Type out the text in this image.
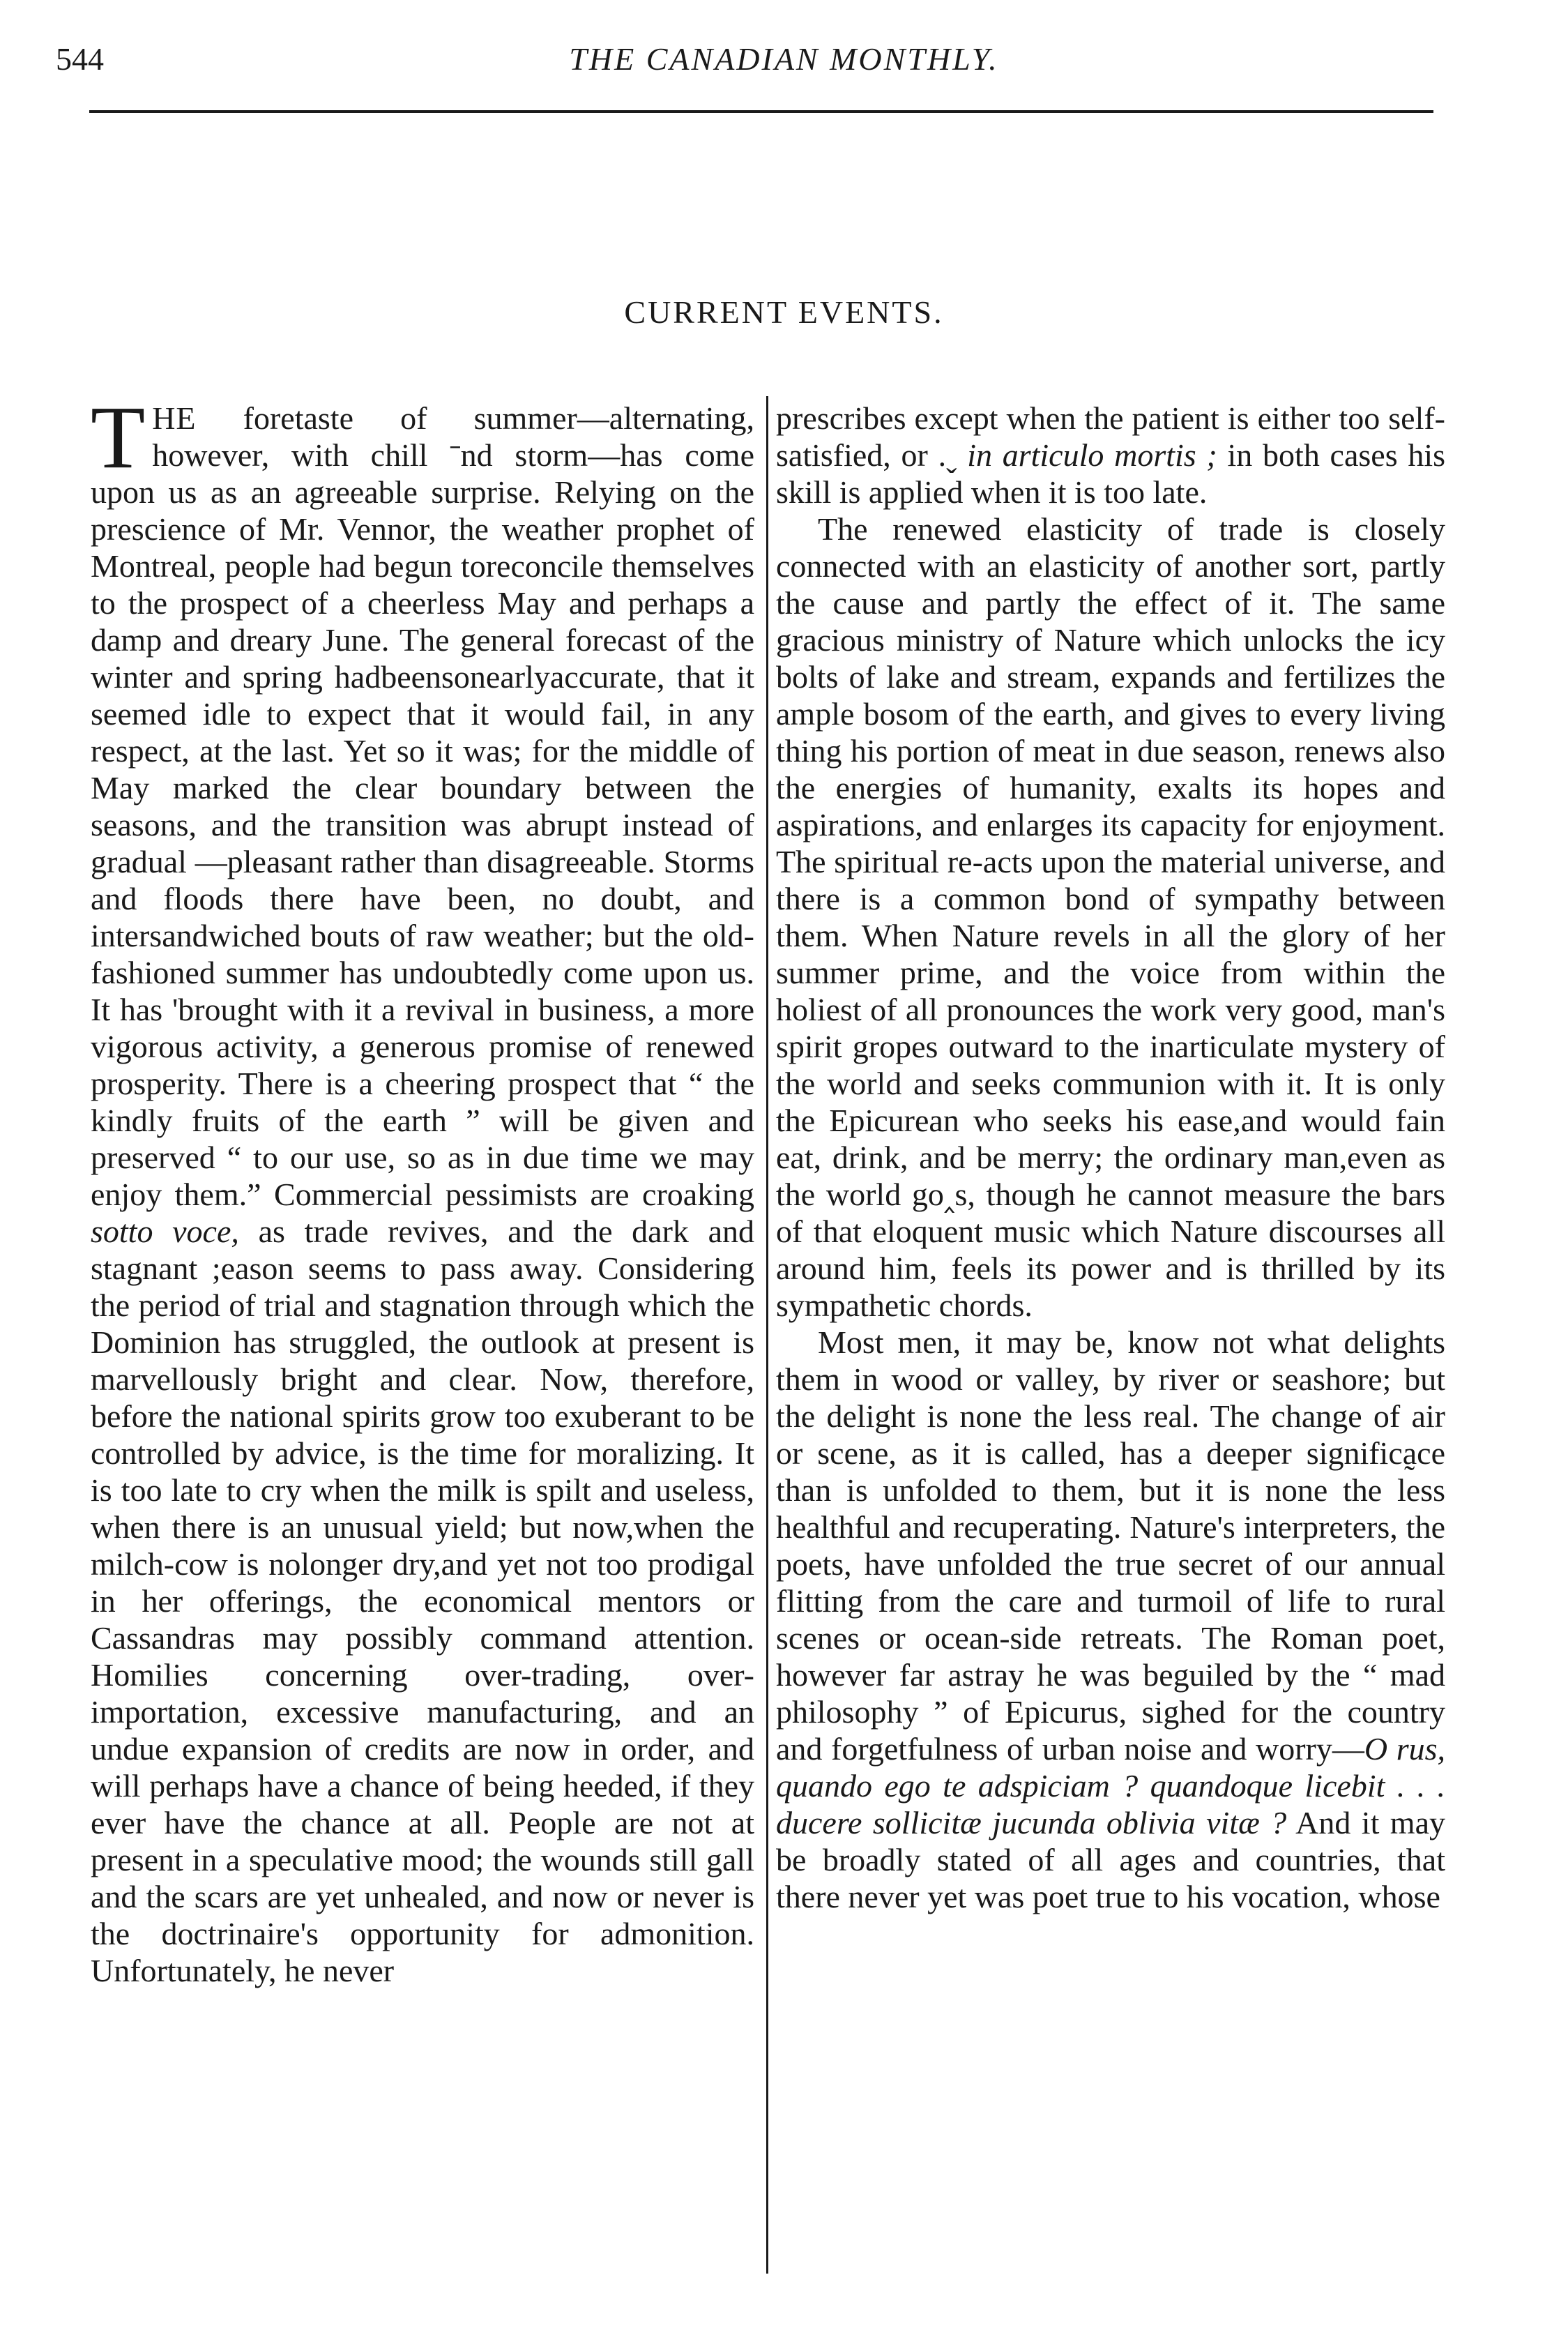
544	THE CANADIAN MONTHLY.
CURRENT EVENTS.

THE foretaste of summer—alternating, however, with chill ˉnd storm—has come upon us as an agreeable surprise. Relying on the prescience of Mr. Vennor, the weather prophet of Montreal, people had begun toreconcile themselves to the prospect of a cheerless May and perhaps a damp and dreary June. The general forecast of the winter and spring hadbeensonearlyaccurate, that it seemed idle to expect that it would fail, in any respect, at the last. Yet so it was; for the middle of May marked the clear boundary between the seasons, and the transition was abrupt instead of gradual —pleasant rather than disagreeable. Storms and floods there have been, no doubt, and intersandwiched bouts of raw weather; but the old-fashioned summer has undoubtedly come upon us. It has 'brought with it a revival in business, a more vigorous activity, a generous promise of renewed prosperity. There is a cheering prospect that “ the kindly fruits of the earth ” will be given and preserved “ to our use, so as in due time we may enjoy them.” Commercial pessimists are croaking sotto voce, as trade revives, and the dark and stagnant ;eason seems to pass away. Considering the period of trial and stagnation through which the Dominion has struggled, the outlook at present is marvellously bright and clear. Now, therefore, before the national spirits grow too exuberant to be controlled by advice, is the time for moralizing. It is too late to cry when the milk is spilt and useless, when there is an unusual yield; but now,when the milch-cow is nolonger dry,and yet not too prodigal in her offerings, the economical mentors or Cassandras may possibly command attention. Homilies concerning over-trading, over-importation, excessive manufacturing, and an undue expansion of credits are now in order, and will perhaps have a chance of being heeded, if they ever have the chance at all. People are not at present in a speculative mood; the wounds still gall and the scars are yet unhealed, and now or never is the doctrinaire's opportunity for admonition. Unfortunately, he never

prescribes except when the patient is either too self-satisfied, or .ˬ in articulo mortis ; in both cases his skill is applied when it is too late.

The renewed elasticity of trade is closely connected with an elasticity of another sort, partly the cause and partly the effect of it. The same gracious ministry of Nature which unlocks the icy bolts of lake and stream, expands and fertilizes the ample bosom of the earth, and gives to every living thing his portion of meat in due season, renews also the energies of humanity, exalts its hopes and aspirations, and enlarges its capacity for enjoyment. The spiritual re-acts upon the material universe, and there is a common bond of sympathy between them. When Nature revels in all the glory of her summer prime, and the voice from within the holiest of all pronounces the work very good, man's spirit gropes outward to the inarticulate mystery of the world and seeks communion with it. It is only the Epicurean who seeks his ease,and would fain eat, drink, and be merry; the ordinary man,even as the world go‸s, though he cannot measure the bars of that eloquent music which Nature discourses all around him, feels its power and is thrilled by its sympathetic chords.

Most men, it may be, know not what delights them in wood or valley, by river or seashore; but the delight is none the less real. The change of air or scene, as it is called, has a deeper significa̰ce than is unfolded to them, but it is none the less healthful and recuperating. Nature's interpreters, the poets, have unfolded the true secret of our annual flitting from the care and turmoil of life to rural scenes or ocean-side retreats. The Roman poet, however far astray he was beguiled by the “ mad philosophy ” of Epicurus, sighed for the country and forgetfulness of urban noise and worry—O rus, quando ego te adspiciam ? quandoque licebit . . . ducere sollicitæ jucunda oblivia vitæ ? And it may be broadly stated of all ages and countries, that there never yet was poet true to his vocation, whose
